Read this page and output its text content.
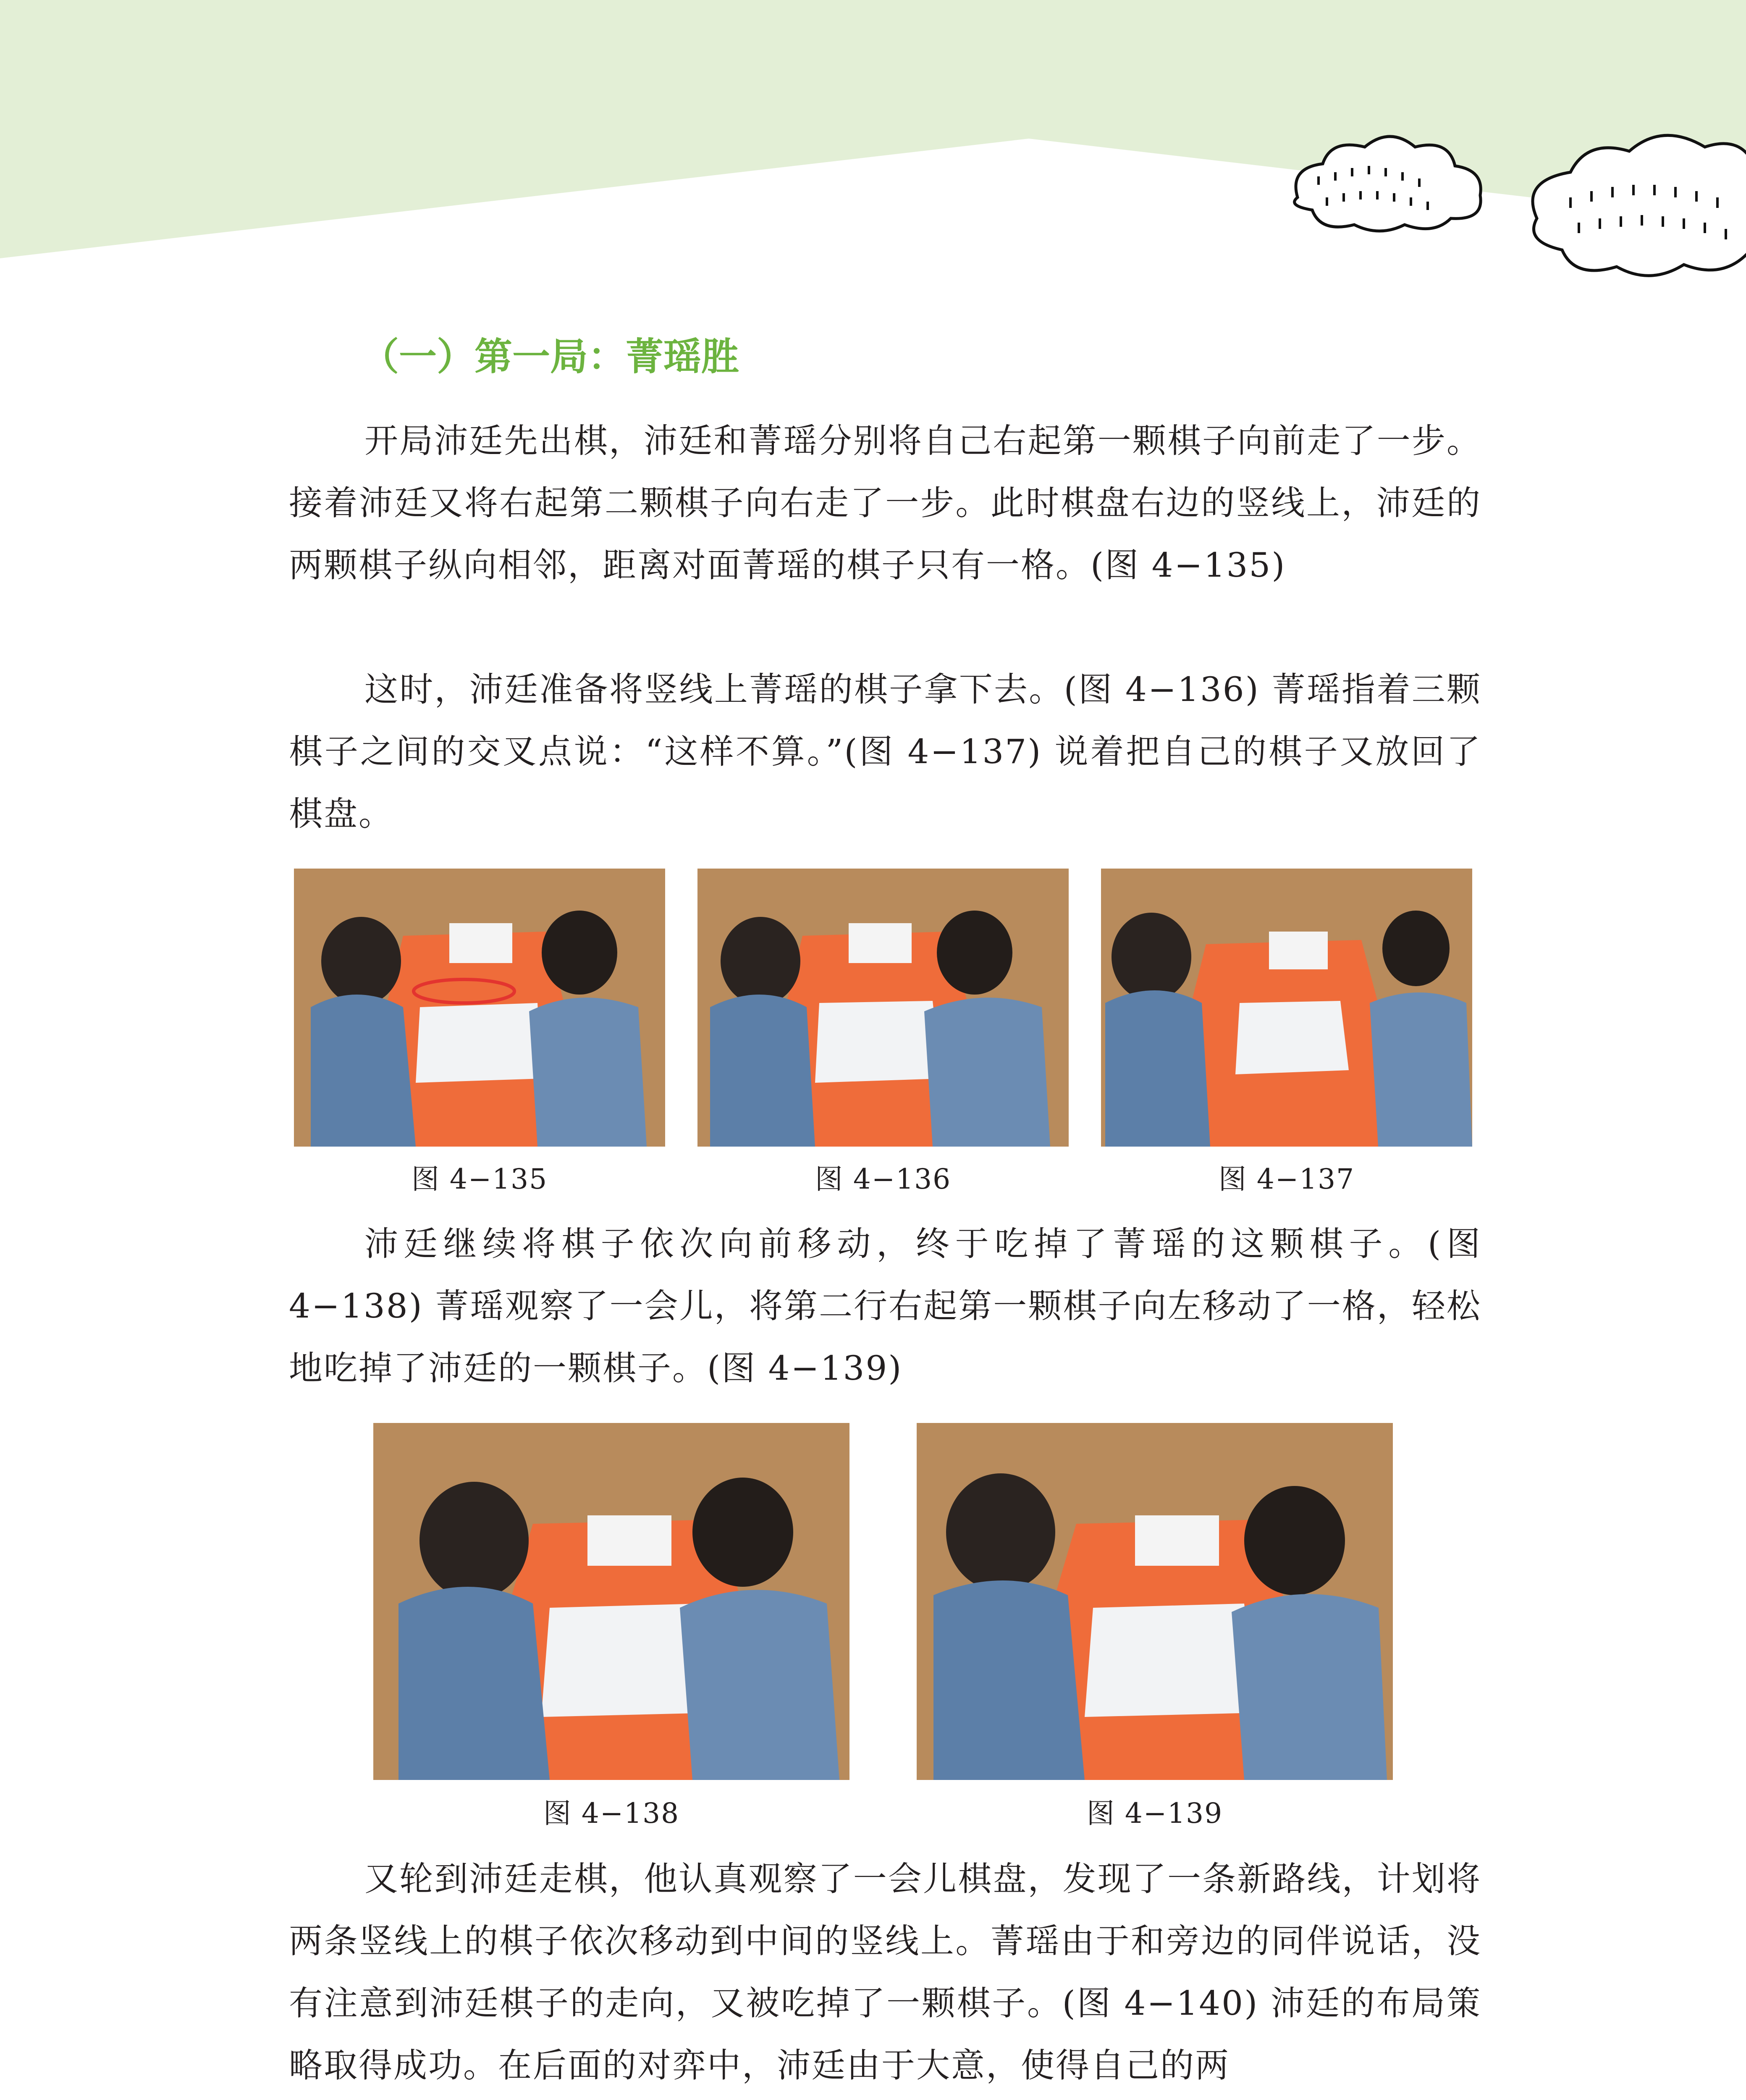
（一）第一局：菁瑶胜

开局沛廷先出棋，沛廷和菁瑶分别将自己右起第一颗棋子向前走了一步。接着沛廷又将右起第二颗棋子向右走了一步。此时棋盘右边的竖线上，沛廷的两颗棋子纵向相邻，距离对面菁瑶的棋子只有一格。(图 4−135)

这时，沛廷准备将竖线上菁瑶的棋子拿下去。(图 4−136) 菁瑶指着三颗棋子之间的交叉点说：“这样不算。”(图 4−137) 说着把自己的棋子又放回了棋盘。

图 4−135	图 4−136	图 4−137

沛廷继续将棋子依次向前移动，终于吃掉了菁瑶的这颗棋子。(图 4−138) 菁瑶观察了一会儿，将第二行右起第一颗棋子向左移动了一格，轻松地吃掉了沛廷的一颗棋子。(图 4−139)

图 4−138	图 4−139

又轮到沛廷走棋，他认真观察了一会儿棋盘，发现了一条新路线，计划将两条竖线上的棋子依次移动到中间的竖线上。菁瑶由于和旁边的同伴说话，没有注意到沛廷棋子的走向，又被吃掉了一颗棋子。(图 4−140) 沛廷的布局策略取得成功。在后面的对弈中，沛廷由于大意，使得自己的两
